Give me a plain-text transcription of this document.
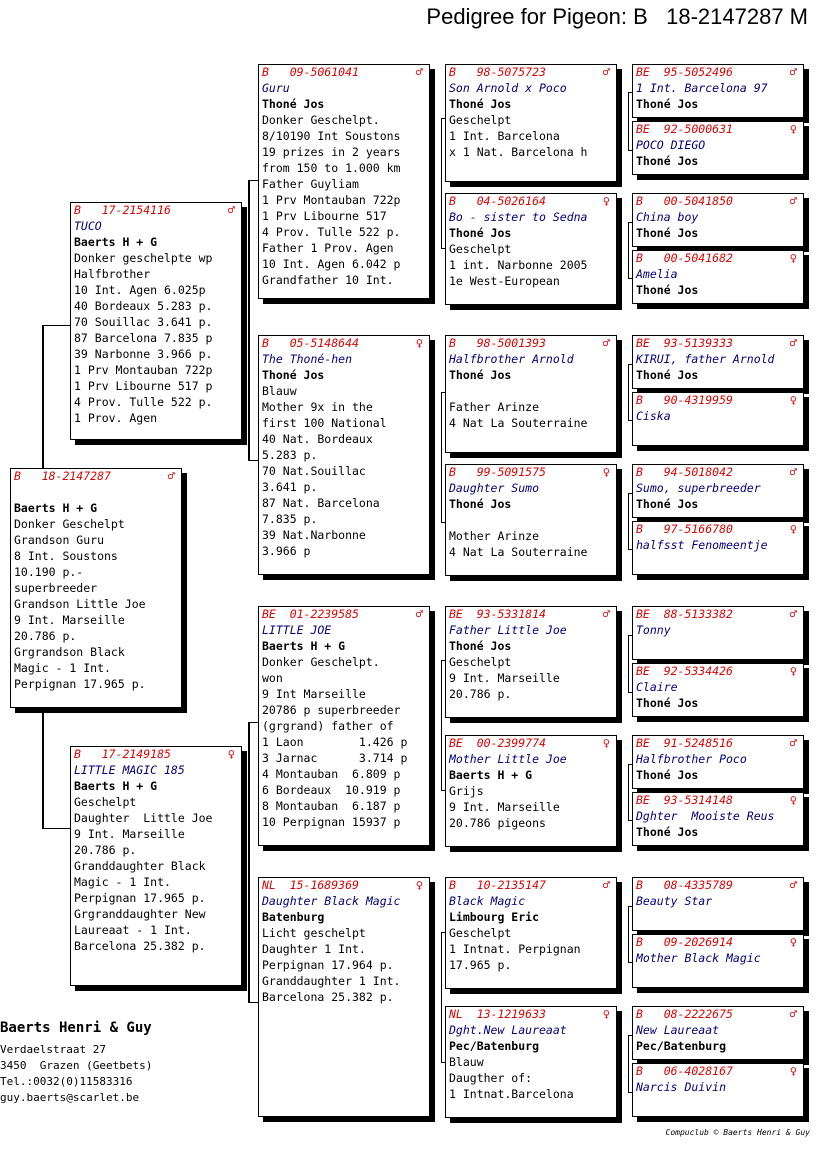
Pedigree for Pigeon: B   18-2147287 M
B   18-2147287	♂
Baerts H + G
Donker Geschelpt
Grandson Guru
8 Int. Soustons
10.190 p.-
superbreeder
Grandson Little Joe
9 Int. Marseille
20.786 p.
Grgrandson Black
Magic - 1 Int.
Perpignan 17.965 p.
B   17-2154116	♂
TUCO
Baerts H + G
Donker geschelpte wp
Halfbrother
10 Int. Agen 6.025p
40 Bordeaux 5.283 p.
70 Souillac 3.641 p.
87 Barcelona 7.835 p
39 Narbonne 3.966 p.
1 Prv Montauban 722p
1 Prv Libourne 517 p
4 Prov. Tulle 522 p.
1 Prov. Agen
B   17-2149185	♀
LITTLE MAGIC 185
Baerts H + G
Geschelpt
Daughter  Little Joe
9 Int. Marseille
20.786 p.
Granddaughter Black
Magic - 1 Int.
Perpignan 17.965 p.
Grgranddaughter New
Laureaat - 1 Int.
Barcelona 25.382 p.
B   09-5061041	♂
Guru
Thoné Jos
Donker Geschelpt.
8/10190 Int Soustons
19 prizes in 2 years
from 150 to 1.000 km
Father Guyliam
1 Prv Montauban 722p
1 Prv Libourne 517
4 Prov. Tulle 522 p.
Father 1 Prov. Agen
10 Int. Agen 6.042 p
Grandfather 10 Int.
B   05-5148644	♀
The Thoné-hen
Thoné Jos
Blauw
Mother 9x in the
first 100 National
40 Nat. Bordeaux
5.283 p.
70 Nat.Souillac
3.641 p.
87 Nat. Barcelona
7.835 p.
39 Nat.Narbonne
3.966 p
BE  01-2239585	♂
LITTLE JOE
Baerts H + G
Donker Geschelpt.
won
9 Int Marseille
20786 p superbreeder
(grgrand) father of
1 Laon        1.426 p
3 Jarnac      3.714 p
4 Montauban  6.809 p
6 Bordeaux  10.919 p
8 Montauban  6.187 p
10 Perpignan 15937 p
NL  15-1689369	♀
Daughter Black Magic
Batenburg
Licht geschelpt
Daughter 1 Int.
Perpignan 17.964 p.
Granddaughter 1 Int.
Barcelona 25.382 p.
B   98-5075723	♂
Son Arnold x Poco
Thoné Jos
Geschelpt
1 Int. Barcelona
x 1 Nat. Barcelona h
B   04-5026164	♀
Bo - sister to Sedna
Thoné Jos
Geschelpt
1 int. Narbonne 2005
1e West-European
B   98-5001393	♂
Halfbrother Arnold
Thoné Jos
Father Arinze
4 Nat La Souterraine
B   99-5091575	♀
Daughter Sumo
Thoné Jos
Mother Arinze
4 Nat La Souterraine
BE  93-5331814	♂
Father Little Joe
Thoné Jos
Geschelpt
9 Int. Marseille
20.786 p.
BE  00-2399774	♀
Mother Little Joe
Baerts H + G
Grijs
9 Int. Marseille
20.786 pigeons
B   10-2135147	♂
Black Magic
Limbourg Eric
Geschelpt
1 Intnat. Perpignan
17.965 p.
NL  13-1219633	♀
Dght.New Laureaat
Pec/Batenburg
Blauw
Daugther of:
1 Intnat.Barcelona
BE  95-5052496	♂
1 Int. Barcelona 97
Thoné Jos
BE  92-5000631	♀
POCO DIEGO
Thoné Jos
B   00-5041850	♂
China boy
Thoné Jos
B   00-5041682	♀
Amelia
Thoné Jos
BE  93-5139333	♂
KIRUI, father Arnold
Thoné Jos
B   90-4319959	♀
Ciska
B   94-5018042	♂
Sumo, superbreeder
Thoné Jos
B   97-5166780	♀
halfsst Fenomeentje
BE  88-5133382	♂
Tonny
BE  92-5334426	♀
Claire
Thoné Jos
BE  91-5248516	♂
Halfbrother Poco
Thoné Jos
BE  93-5314148	♀
Dghter  Mooiste Reus
Thoné Jos
B   08-4335789	♂
Beauty Star
B   09-2026914	♀
Mother Black Magic
B   08-2222675	♂
New Laureaat
Pec/Batenburg
B   06-4028167	♀
Narcis Duivin
Baerts Henri & Guy
Verdaelstraat 27
3450  Grazen (Geetbets)
Tel.:0032(0)11583316
guy.baerts@scarlet.be
Compuclub © Baerts Henri & Guy
